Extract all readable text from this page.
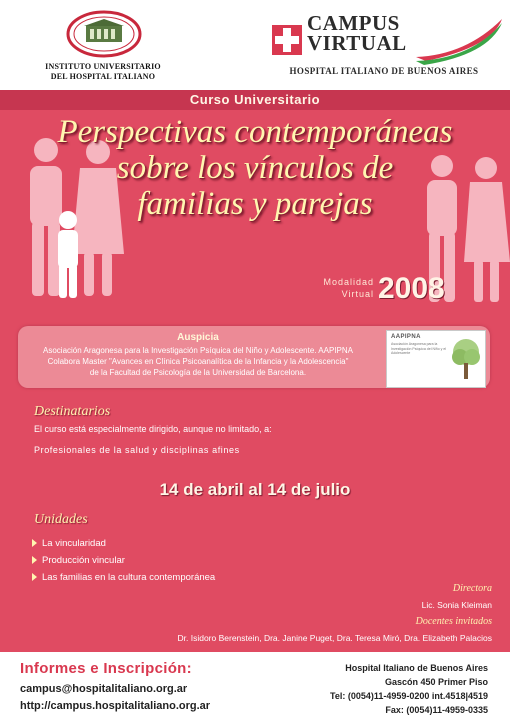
INSTITUTO UNIVERSITARIO
DEL HOSPITAL ITALIANO
CAMPUS
VIRTUAL
HOSPITAL ITALIANO DE BUENOS AIRES
Curso Universitario
Perspectivas contemporáneas
sobre los vínculos de
familias y parejas
Modalidad
Virtual 2008
Auspicia
Asociación Aragonesa para la Investigación Psíquica del Niño y Adolescente. AAPIPNA
Colabora Master "Avances en Clínica Psicoanalítica de la Infancia y la Adolescencia"
de la Facultad de Psicología de la Universidad de Barcelona.
AAPIPNA
Asociación Aragonesa para la Investigación Psíquica del Niño y el Adolescente
Destinatarios
El curso está especialmente dirigido, aunque no limitado, a:
Profesionales de la salud y disciplinas afines
14 de abril al 14 de julio
Unidades
La vincularidad
Producción vincular
Las familias en la cultura contemporánea
Directora
Lic. Sonia Kleiman
Docentes invitados
Dr. Isidoro Berenstein, Dra. Janine Puget, Dra. Teresa Miró, Dra. Elizabeth Palacios
Informes e Inscripción:
campus@hospitalitaliano.org.ar
http://campus.hospitalitaliano.org.ar
Hospital Italiano de Buenos Aires
Gascón 450 Primer Piso
Tel: (0054)11-4959-0200 int.4518|4519
Fax: (0054)11-4959-0335
